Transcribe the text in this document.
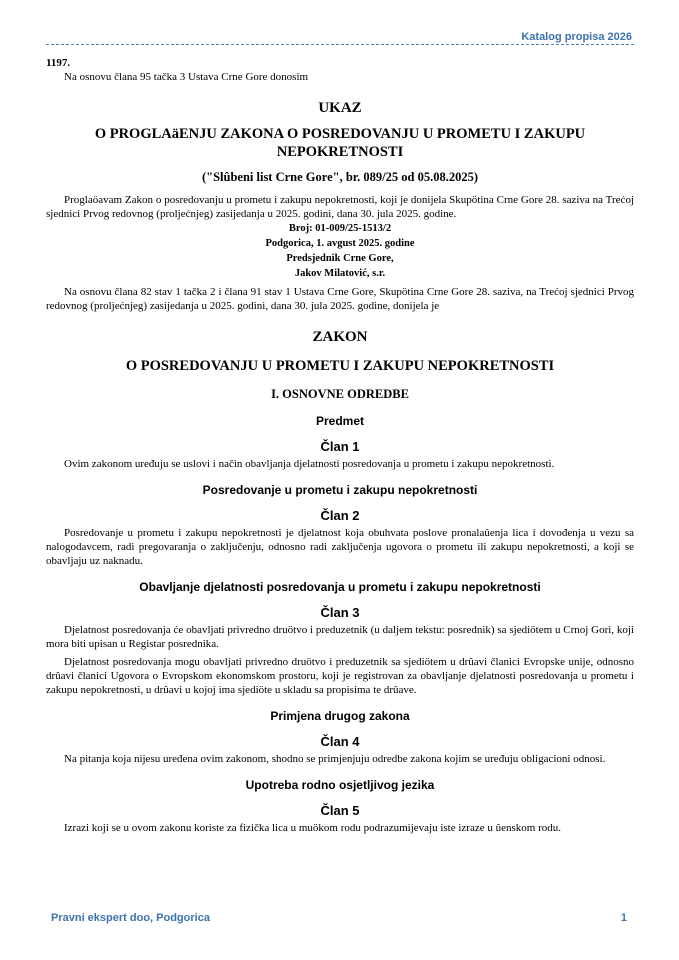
Katalog propisa 2026

1197.

Na osnovu člana 95 tačka 3 Ustava Crne Gore donosim

UKAZ

O PROGLAäENJU ZAKONA O POSREDOVANJU U PROMETU I ZAKUPU NEPOKRETNOSTI

("Slûbeni list Crne Gore", br. 089/25 od 05.08.2025)

Proglaöavam Zakon o posredovanju u prometu i zakupu nepokretnosti, koji je donijela Skupötina Crne Gore 28. saziva na Trećoj sjednici Prvog redovnog (proljećnjeg) zasijedanja u 2025. godini, dana 30. jula 2025. godine.

Broj: 01-009/25-1513/2
Podgorica, 1. avgust 2025. godine
Predsjednik Crne Gore,
Jakov Milatović, s.r.

Na osnovu člana 82 stav 1 tačka 2 i člana 91 stav 1 Ustava Crne Gore, Skupötina Crne Gore 28. saziva, na Trećoj sjednici Prvog redovnog (proljećnjeg) zasijedanja u 2025. godini, dana 30. jula 2025. godine, donijela je

ZAKON

O POSREDOVANJU U PROMETU I ZAKUPU NEPOKRETNOSTI

I. OSNOVNE ODREDBE

Predmet

Član 1

Ovim zakonom uređuju se uslovi i način obavljanja djelatnosti posredovanja u prometu i zakupu nepokretnosti.

Posredovanje u prometu i zakupu nepokretnosti

Član 2

Posredovanje u prometu i zakupu nepokretnosti je djelatnost koja obuhvata poslove pronalaûenja lica i dovođenja u vezu sa nalogodavcem, radi pregovaranja o zaključenju, odnosno radi zaključenja ugovora o prometu ili zakupu nepokretnosti, a koji se obavljaju uz naknadu.

Obavljanje djelatnosti posredovanja u prometu i zakupu nepokretnosti

Član 3

Djelatnost posredovanja će obavljati privredno druötvo i preduzetnik (u daljem tekstu: posrednik) sa sjediötem u Crnoj Gori, koji mora biti upisan u Registar posrednika.

Djelatnost posredovanja mogu obavljati privredno druötvo i preduzetnik sa sjediötem u drûavi članici Evropske unije, odnosno drûavi članici Ugovora o Evropskom ekonomskom prostoru, koji je registrovan za obavljanje djelatnosti posredovanja u prometu i zakupu nepokretnosti, u drûavi u kojoj ima sjediöte u skladu sa propisima te drûave.

Primjena drugog zakona

Član 4

Na pitanja koja nijesu uređena ovim zakonom, shodno se primjenjuju odredbe zakona kojim se uređuju obligacioni odnosi.

Upotreba rodno osjetljivog jezika

Član 5

Izrazi koji se u ovom zakonu koriste za fizička lica u muökom rodu podrazumijevaju iste izraze u ûenskom rodu.

Pravni ekspert doo, Podgorica	1
